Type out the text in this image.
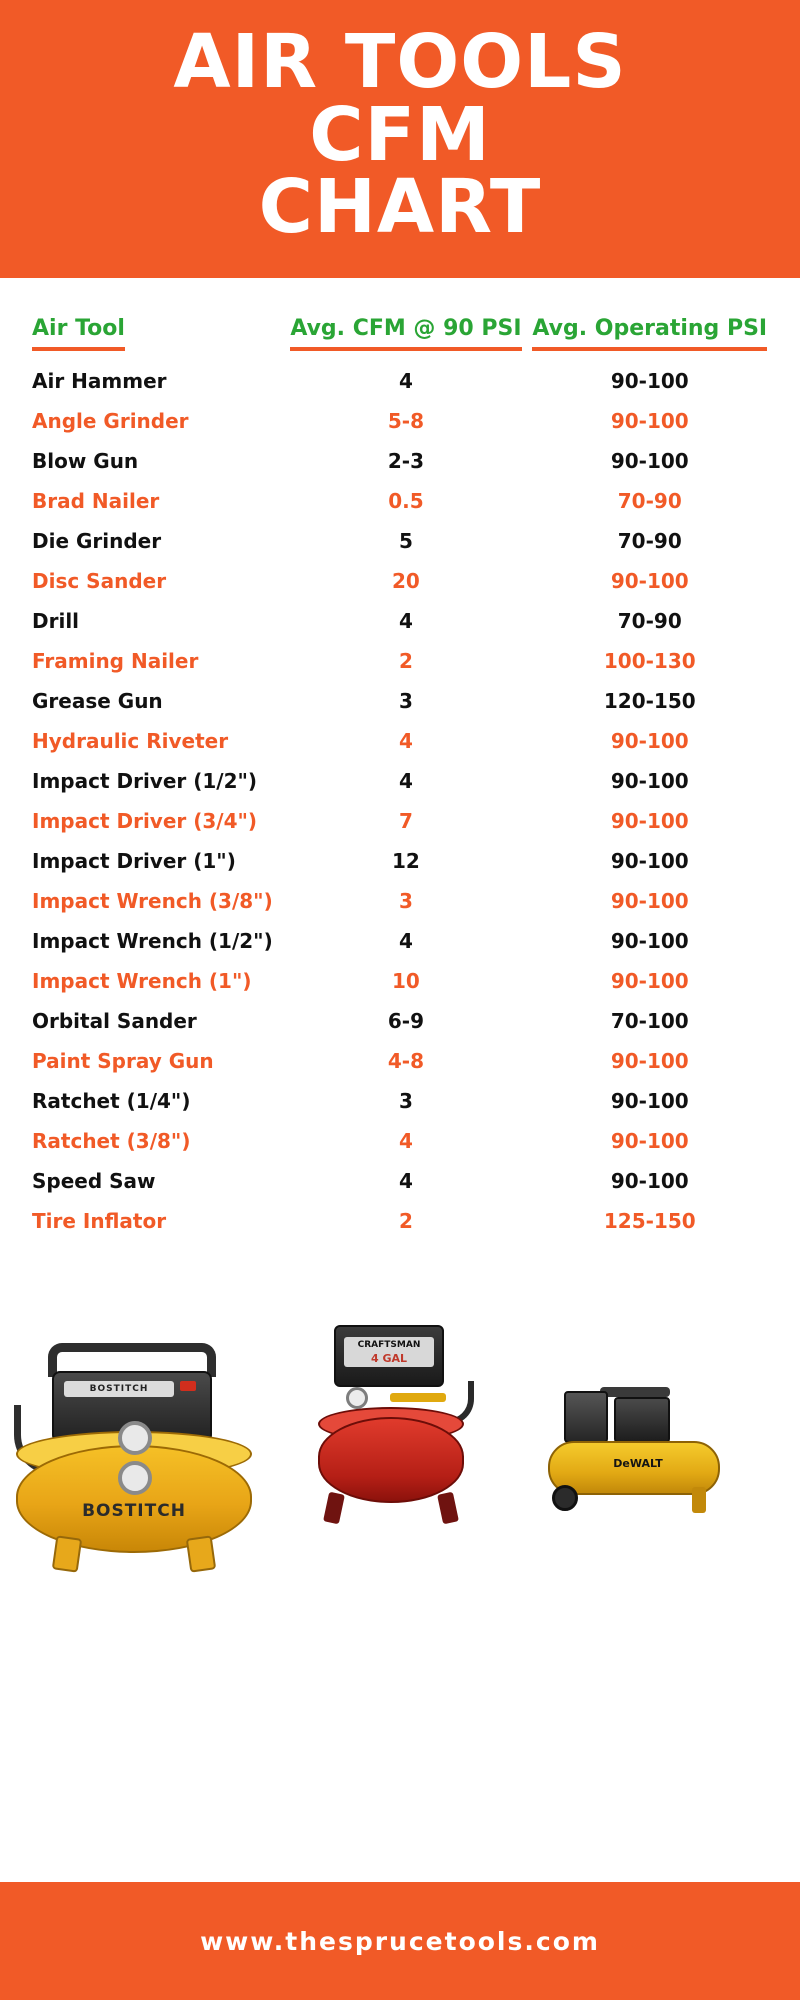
AIR TOOLS
CFM
CHART
Air Tool	Avg. CFM @ 90 PSI	Avg. Operating PSI
Air Hammer	4	90-100
Angle Grinder	5-8	90-100
Blow Gun	2-3	90-100
Brad Nailer	0.5	70-90
Die Grinder	5	70-90
Disc Sander	20	90-100
Drill	4	70-90
Framing Nailer	2	100-130
Grease Gun	3	120-150
Hydraulic Riveter	4	90-100
Impact Driver (1/2")	4	90-100
Impact Driver (3/4")	7	90-100
Impact Driver (1")	12	90-100
Impact Wrench (3/8")	3	90-100
Impact Wrench (1/2")	4	90-100
Impact Wrench (1")	10	90-100
Orbital Sander	6-9	70-100
Paint Spray Gun	4-8	90-100
Ratchet (1/4")	3	90-100
Ratchet (3/8")	4	90-100
Speed Saw	4	90-100
Tire Inflator	2	125-150
BOSTITCH
BOSTITCH
CRAFTSMAN
4 GAL
DeWALT
www.thesprucetools.com
